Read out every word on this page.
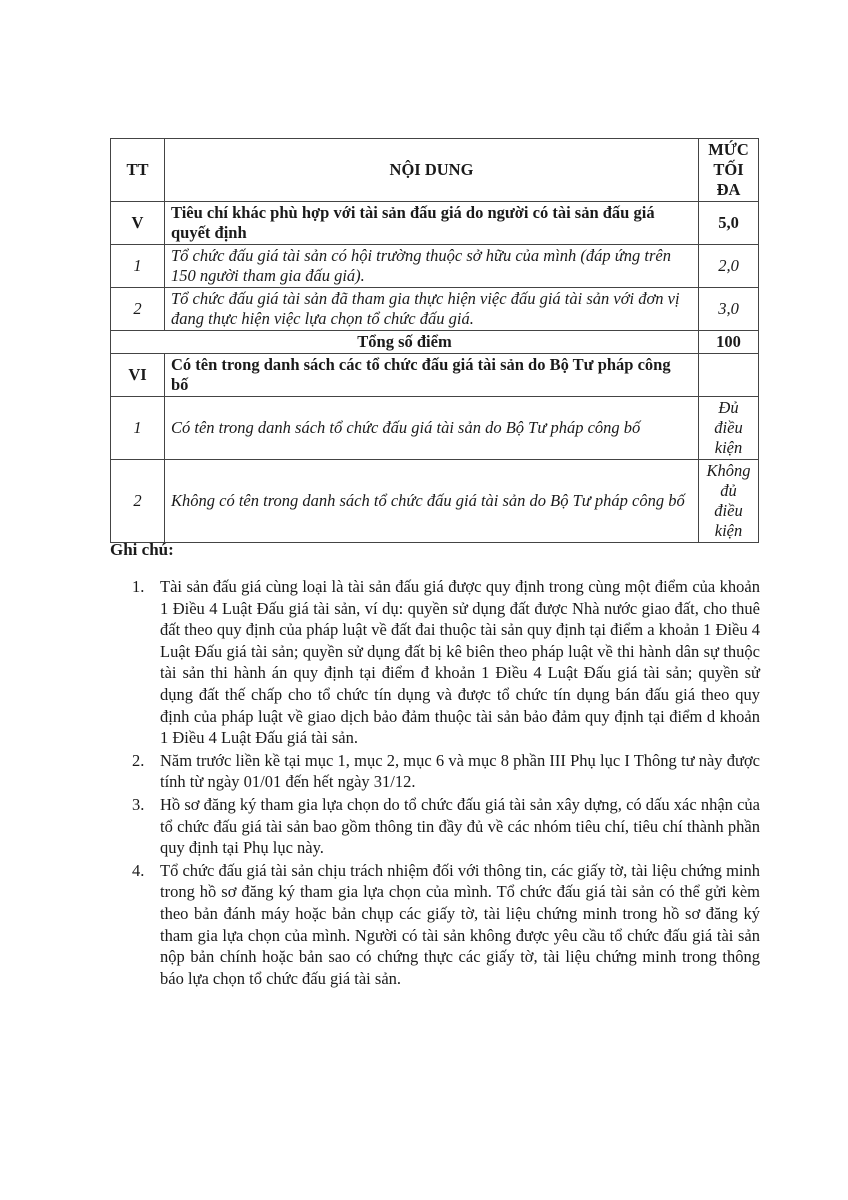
TT	NỘI DUNG	MỨC TỐI ĐA
V	Tiêu chí khác phù hợp với tài sản đấu giá do người có tài sản đấu giá quyết định	5,0
1	Tổ chức đấu giá tài sản có hội trường thuộc sở hữu của mình (đáp ứng trên 150 người tham gia đấu giá).	2,0
2	Tổ chức đấu giá tài sản đã tham gia thực hiện việc đấu giá tài sản với đơn vị đang thực hiện việc lựa chọn tổ chức đấu giá.	3,0
Tổng số điểm		100
VI	Có tên trong danh sách các tổ chức đấu giá tài sản do Bộ Tư pháp công bố	
1	Có tên trong danh sách tổ chức đấu giá tài sản do Bộ Tư pháp công bố	Đủ điều kiện
2	Không có tên trong danh sách tổ chức đấu giá tài sản do Bộ Tư pháp công bố	Không đủ điều kiện
Ghi chú:
1. Tài sản đấu giá cùng loại là tài sản đấu giá được quy định trong cùng một điểm của khoản 1 Điều 4 Luật Đấu giá tài sản, ví dụ: quyền sử dụng đất được Nhà nước giao đất, cho thuê đất theo quy định của pháp luật về đất đai thuộc tài sản quy định tại điểm a khoản 1 Điều 4 Luật Đấu giá tài sản; quyền sử dụng đất bị kê biên theo pháp luật về thi hành dân sự thuộc tài sản thi hành án quy định tại điểm đ khoản 1 Điều 4 Luật Đấu giá tài sản; quyền sử dụng đất thế chấp cho tổ chức tín dụng và được tổ chức tín dụng bán đấu giá theo quy định của pháp luật về giao dịch bảo đảm thuộc tài sản bảo đảm quy định tại điểm d khoản 1 Điều 4 Luật Đấu giá tài sản.
2. Năm trước liền kề tại mục 1, mục 2, mục 6 và mục 8 phần III Phụ lục I Thông tư này được tính từ ngày 01/01 đến hết ngày 31/12.
3. Hồ sơ đăng ký tham gia lựa chọn do tổ chức đấu giá tài sản xây dựng, có dấu xác nhận của tổ chức đấu giá tài sản bao gồm thông tin đầy đủ về các nhóm tiêu chí, tiêu chí thành phần quy định tại Phụ lục này.
4. Tổ chức đấu giá tài sản chịu trách nhiệm đối với thông tin, các giấy tờ, tài liệu chứng minh trong hồ sơ đăng ký tham gia lựa chọn của mình. Tổ chức đấu giá tài sản có thể gửi kèm theo bản đánh máy hoặc bản chụp các giấy tờ, tài liệu chứng minh trong hồ sơ đăng ký tham gia lựa chọn của mình. Người có tài sản không được yêu cầu tổ chức đấu giá tài sản nộp bản chính hoặc bản sao có chứng thực các giấy tờ, tài liệu chứng minh trong thông báo lựa chọn tổ chức đấu giá tài sản.
